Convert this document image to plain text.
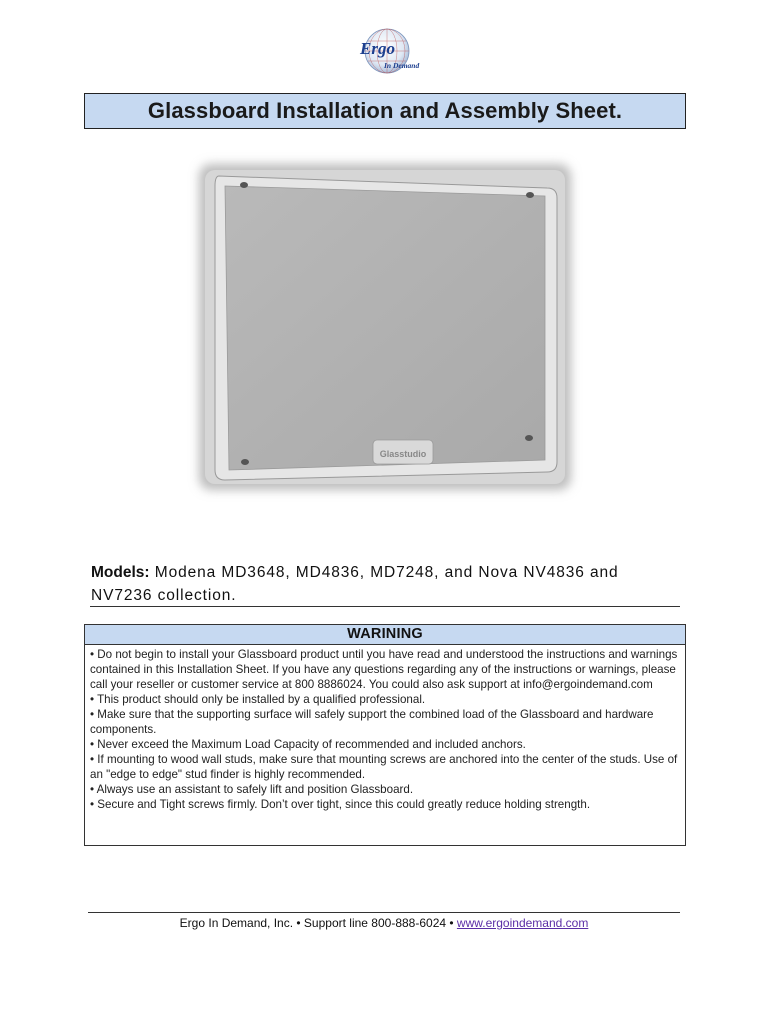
Ergo
In Demand
Glassboard Installation and Assembly Sheet.
Glasstudio
Models: Modena MD3648, MD4836, MD7248, and Nova NV4836 and NV7236 collection.
WARINING

• Do not begin to install your Glassboard product until you have read and understood the instructions and warnings contained in this Installation Sheet. If you have any questions regarding any of the instructions or warnings, please call your reseller or customer service at 800 8886024. You could also ask support at info@ergoindemand.com

• This product should only be installed by a qualified professional.

• Make sure that the supporting surface will safely support the combined load of the Glassboard and hardware components.

• Never exceed the Maximum Load Capacity of recommended and included anchors.

• If mounting to wood wall studs, make sure that mounting screws are anchored into the center of the studs. Use of an "edge to edge" stud finder is highly recommended.

• Always use an assistant to safely lift and position Glassboard.

• Secure and Tight screws firmly. Don’t over tight, since this could greatly reduce holding strength.

Ergo In Demand, Inc. • Support line 800-888-6024 • www.ergoindemand.com
